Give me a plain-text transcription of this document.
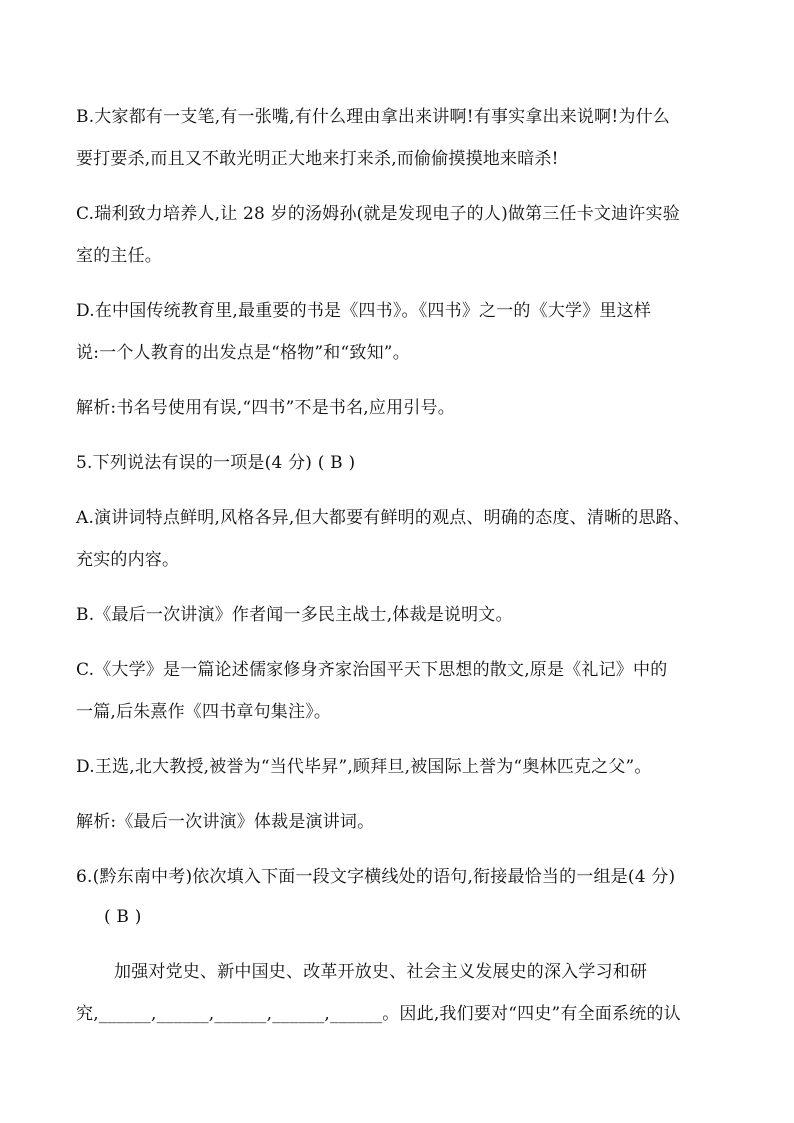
B.大家都有一支笔,有一张嘴,有什么理由拿出来讲啊!有事实拿出来说啊!为什么
要打要杀,而且又不敢光明正大地来打来杀,而偷偷摸摸地来暗杀!
C.瑞利致力培养人,让 28 岁的汤姆孙(就是发现电子的人)做第三任卡文迪许实验
室的主任。
D.在中国传统教育里,最重要的书是《四书》。《四书》之一的《大学》里这样
说:一个人教育的出发点是“格物”和“致知”。
解析:书名号使用有误,“四书”不是书名,应用引号。
5.下列说法有误的一项是(4 分) ( B )
A.演讲词特点鲜明,风格各异,但大都要有鲜明的观点、明确的态度、清晰的思路、
充实的内容。
B.《最后一次讲演》作者闻一多民主战士,体裁是说明文。
C.《大学》是一篇论述儒家修身齐家治国平天下思想的散文,原是《礼记》中的
一篇,后朱熹作《四书章句集注》。
D.王选,北大教授,被誉为“当代毕昇”,顾拜旦,被国际上誉为“奥林匹克之父”。
解析:《最后一次讲演》体裁是演讲词。
6.(黔东南中考)依次填入下面一段文字横线处的语句,衔接最恰当的一组是(4 分)
( B )
加强对党史、新中国史、改革开放史、社会主义发展史的深入学习和研
究,______,______,______,______,______。因此,我们要对“四史”有全面系统的认
